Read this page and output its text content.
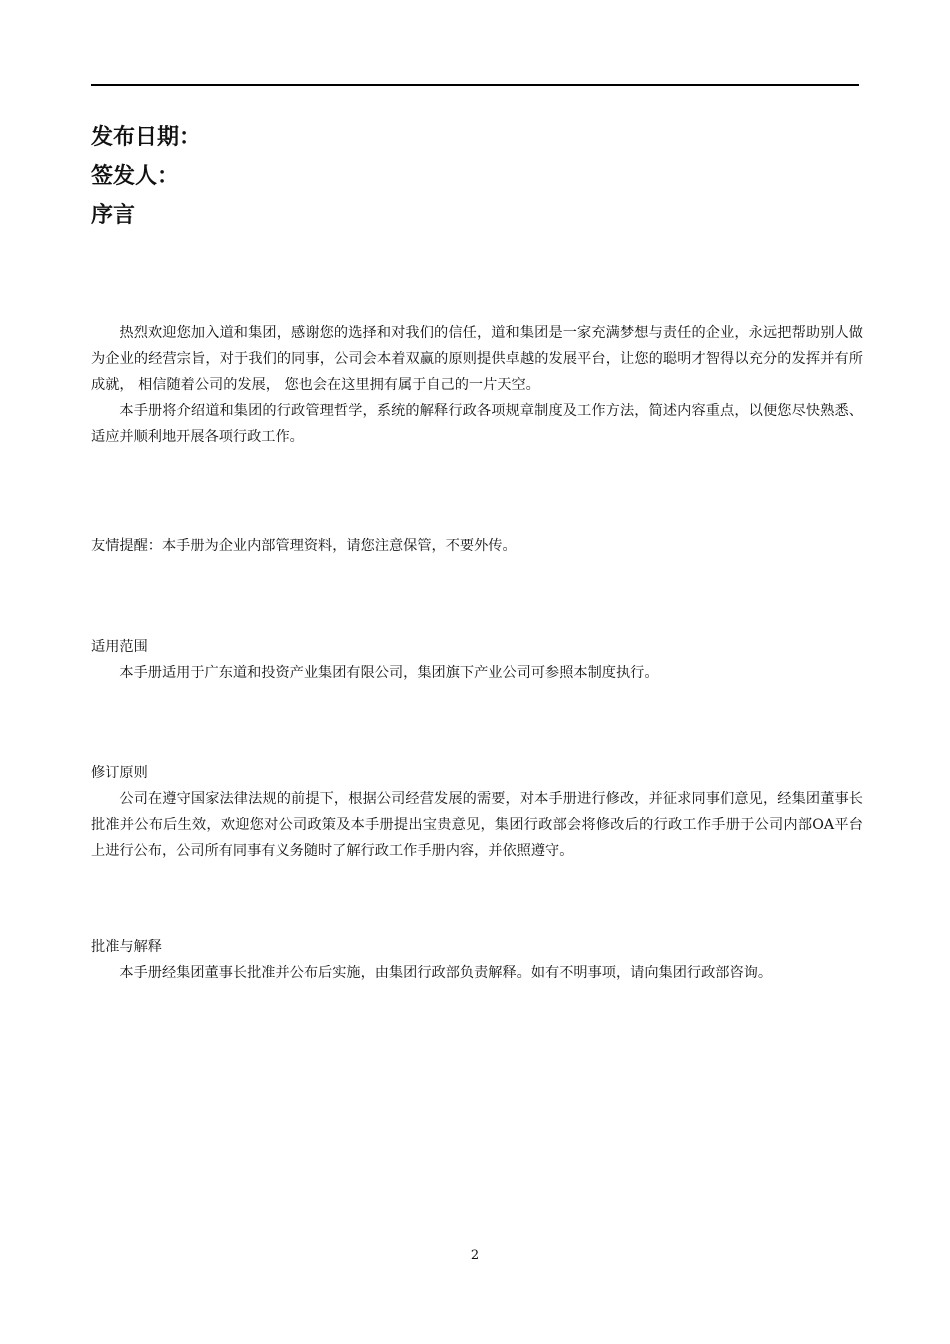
发布日期：
签发人：
序言

热烈欢迎您加入道和集团，感谢您的选择和对我们的信任，道和集团是一家充满梦想与责任的企业，永远把帮助别人做为企业的经营宗旨，对于我们的同事，公司会本着双赢的原则提供卓越的发展平台，让您的聪明才智得以充分的发挥并有所成就， 相信随着公司的发展， 您也会在这里拥有属于自己的一片天空。

本手册将介绍道和集团的行政管理哲学，系统的解释行政各项规章制度及工作方法，简述内容重点，以便您尽快熟悉、适应并顺利地开展各项行政工作。

友情提醒：本手册为企业内部管理资料，请您注意保管，不要外传。

适用范围

本手册适用于广东道和投资产业集团有限公司，集团旗下产业公司可参照本制度执行。

修订原则

公司在遵守国家法律法规的前提下，根据公司经营发展的需要，对本手册进行修改，并征求同事们意见，经集团董事长批准并公布后生效，欢迎您对公司政策及本手册提出宝贵意见，集团行政部会将修改后的行政工作手册于公司内部OA平台上进行公布，公司所有同事有义务随时了解行政工作手册内容，并依照遵守。

批准与解释

本手册经集团董事长批准并公布后实施，由集团行政部负责解释。如有不明事项，请向集团行政部咨询。

2
